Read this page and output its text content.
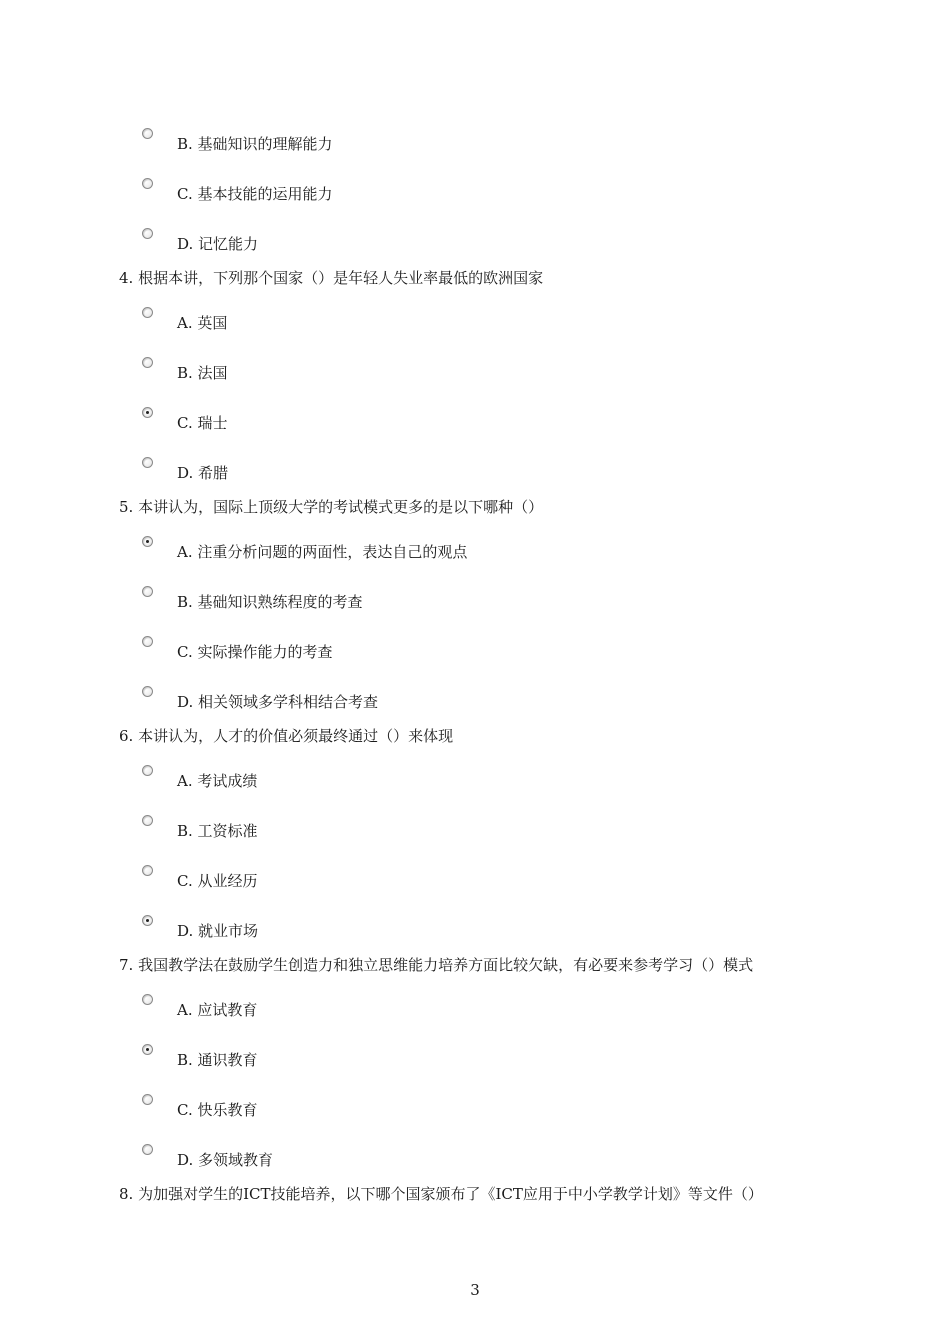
B. 基础知识的理解能力
C. 基本技能的运用能力
D. 记忆能力
4. 根据本讲，下列那个国家（）是年轻人失业率最低的欧洲国家
A. 英国
B. 法国
C. 瑞士
D. 希腊
5. 本讲认为，国际上顶级大学的考试模式更多的是以下哪种（）
A. 注重分析问题的两面性，表达自己的观点
B. 基础知识熟练程度的考查
C. 实际操作能力的考查
D. 相关领域多学科相结合考查
6. 本讲认为，人才的价值必须最终通过（）来体现
A. 考试成绩
B. 工资标准
C. 从业经历
D. 就业市场
7. 我国教学法在鼓励学生创造力和独立思维能力培养方面比较欠缺，有必要来参考学习（）模式
A. 应试教育
B. 通识教育
C. 快乐教育
D. 多领域教育
8. 为加强对学生的ICT技能培养，以下哪个国家颁布了《ICT应用于中小学教学计划》等文件（）
3
